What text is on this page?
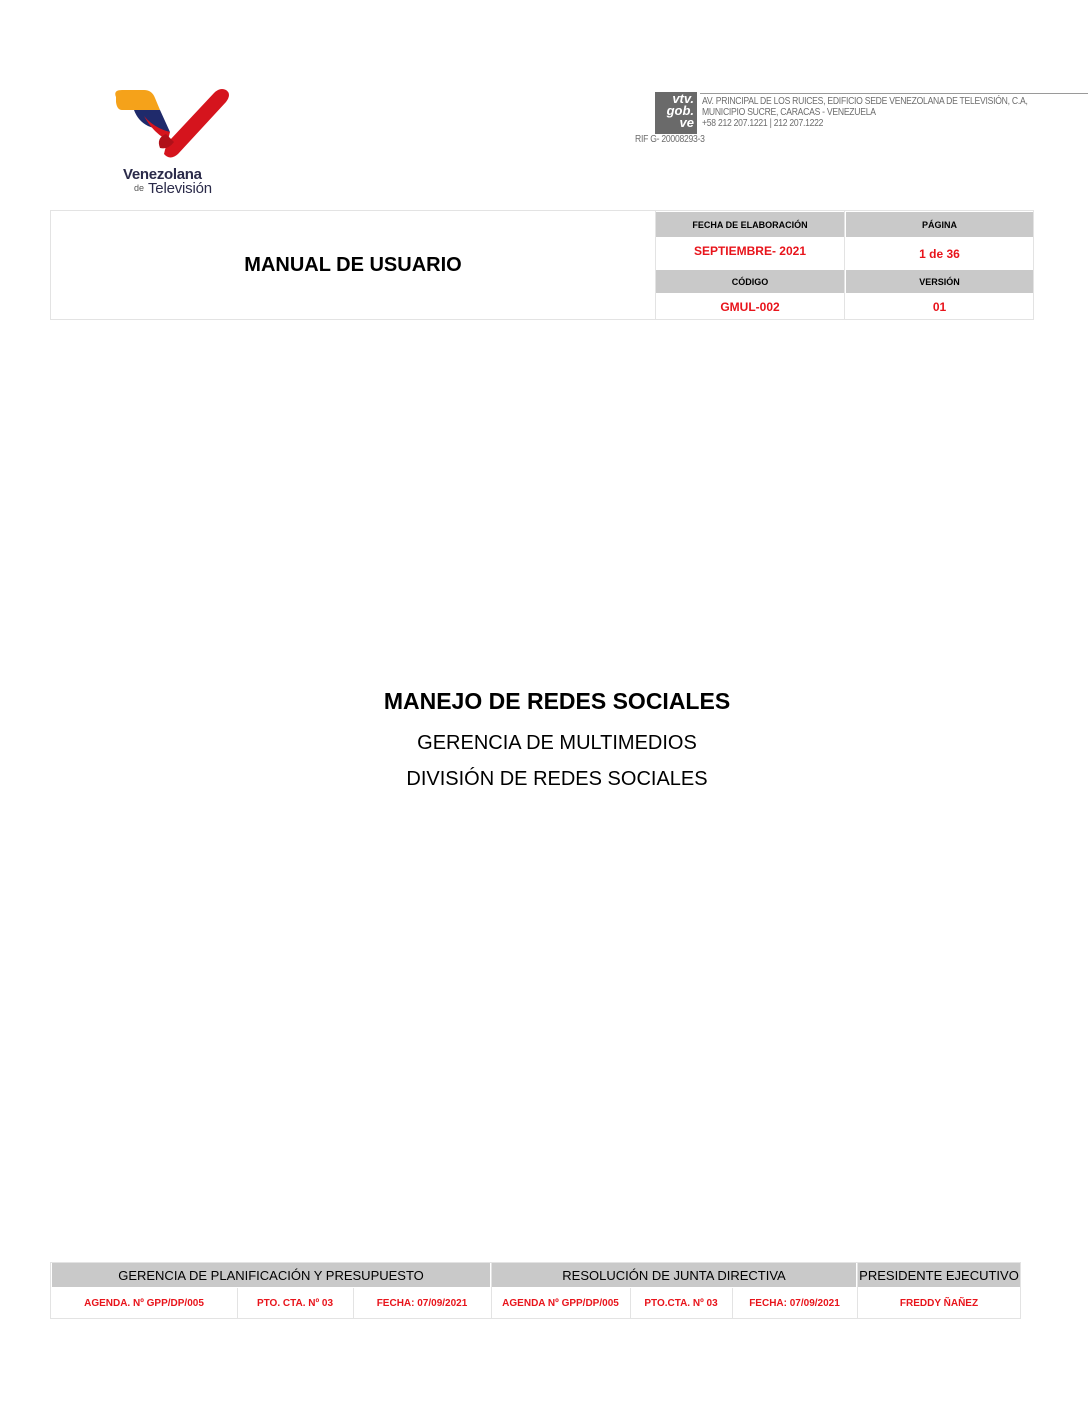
Venezolana
de Televisión
vtv.
gob.
ve
AV. PRINCIPAL DE LOS RUICES, EDIFICIO SEDE VENEZOLANA DE TELEVISIÓN, C.A,
MUNICIPIO SUCRE, CARACAS - VENEZUELA
+58 212 207.1221 | 212 207.1222
RIF G- 20008293-3
MANUAL DE USUARIO
FECHA DE ELABORACIÓN	PÁGINA
SEPTIEMBRE- 2021	1 de 36
CÓDIGO	VERSIÓN
GMUL-002	01
MANEJO DE REDES SOCIALES
GERENCIA DE MULTIMEDIOS
DIVISIÓN DE REDES SOCIALES
GERENCIA DE PLANIFICACIÓN Y PRESUPUESTO	RESOLUCIÓN DE JUNTA DIRECTIVA	PRESIDENTE EJECUTIVO
AGENDA. Nº GPP/DP/005	PTO. CTA. Nº 03	FECHA: 07/09/2021	AGENDA Nº GPP/DP/005	PTO.CTA. Nº 03	FECHA: 07/09/2021	FREDDY ÑAÑEZ
